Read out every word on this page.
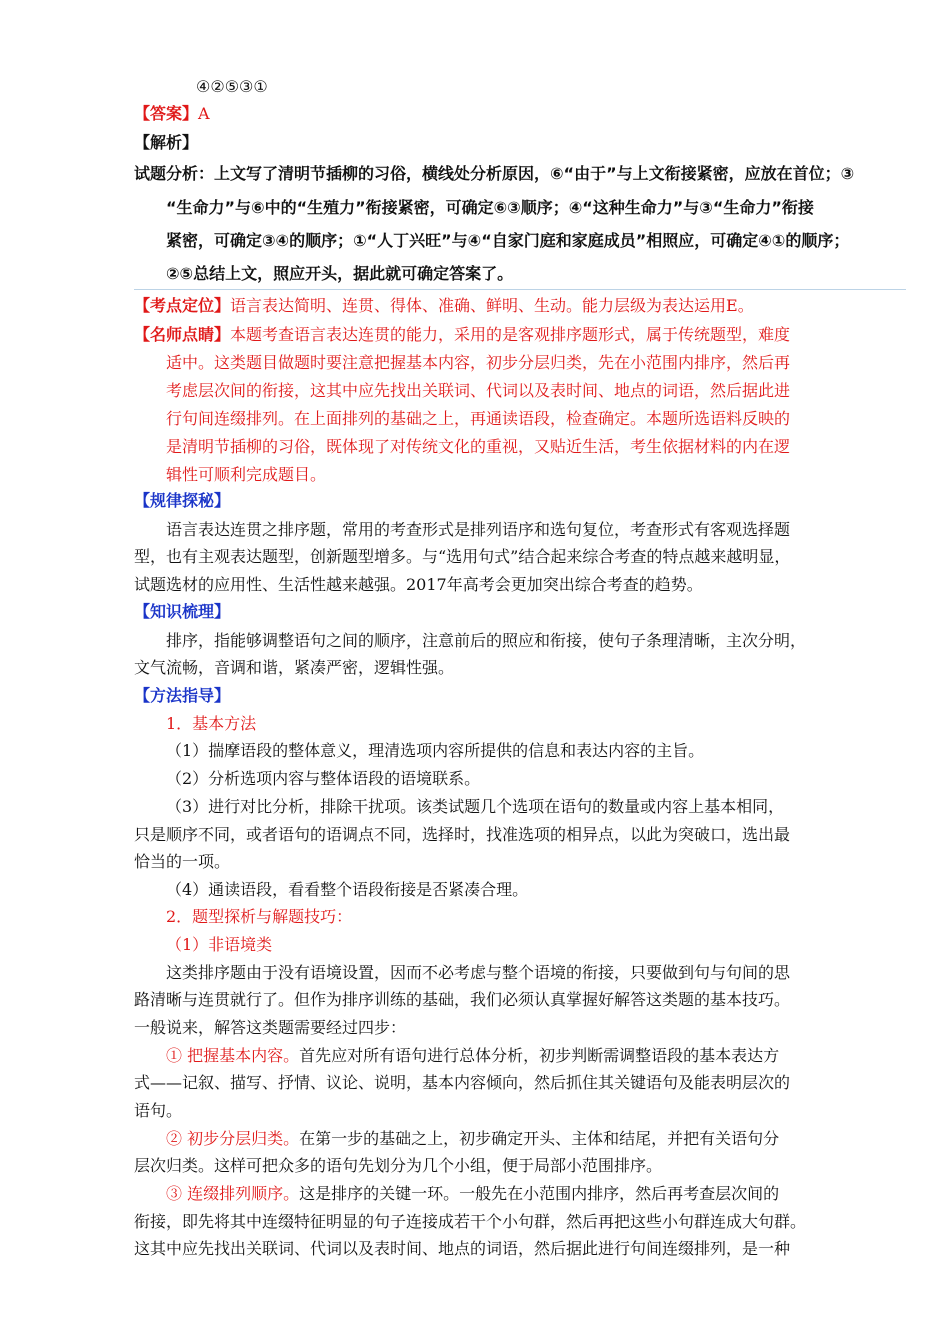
④②⑤③①
【答案】A
【解析】
试题分析：上文写了清明节插柳的习俗，横线处分析原因，⑥“由于”与上文衔接紧密，应放在首位；③
“生命力”与⑥中的“生殖力”衔接紧密，可确定⑥③顺序；④“这种生命力”与③“生命力”衔接
紧密，可确定③④的顺序；①“人丁兴旺”与④“自家门庭和家庭成员”相照应，可确定④①的顺序；
②⑤总结上文，照应开头，据此就可确定答案了。
【考点定位】语言表达简明、连贯、得体、准确、鲜明、生动。能力层级为表达运用E。
【名师点睛】本题考查语言表达连贯的能力，采用的是客观排序题形式，属于传统题型，难度
适中。这类题目做题时要注意把握基本内容，初步分层归类，先在小范围内排序，然后再
考虑层次间的衔接，这其中应先找出关联词、代词以及表时间、地点的词语，然后据此进
行句间连缀排列。在上面排列的基础之上，再通读语段，检查确定。本题所选语料反映的
是清明节插柳的习俗，既体现了对传统文化的重视，又贴近生活，考生依据材料的内在逻
辑性可顺利完成题目。
【规律探秘】
语言表达连贯之排序题，常用的考查形式是排列语序和选句复位，考查形式有客观选择题
型，也有主观表达题型，创新题型增多。与“选用句式”结合起来综合考查的特点越来越明显，
试题选材的应用性、生活性越来越强。2017年高考会更加突出综合考查的趋势。
【知识梳理】
排序，指能够调整语句之间的顺序，注意前后的照应和衔接，使句子条理清晰，主次分明，
文气流畅，音调和谐，紧凑严密，逻辑性强。
【方法指导】
1．基本方法
（1）揣摩语段的整体意义，理清选项内容所提供的信息和表达内容的主旨。
（2）分析选项内容与整体语段的语境联系。
（3）进行对比分析，排除干扰项。该类试题几个选项在语句的数量或内容上基本相同，
只是顺序不同，或者语句的语调点不同，选择时，找准选项的相异点，以此为突破口，选出最
恰当的一项。
（4）通读语段，看看整个语段衔接是否紧凑合理。
2．题型探析与解题技巧：
（1）非语境类
这类排序题由于没有语境设置，因而不必考虑与整个语境的衔接，只要做到句与句间的思
路清晰与连贯就行了。但作为排序训练的基础，我们必须认真掌握好解答这类题的基本技巧。
一般说来，解答这类题需要经过四步：
① 把握基本内容。首先应对所有语句进行总体分析，初步判断需调整语段的基本表达方
式——记叙、描写、抒情、议论、说明，基本内容倾向，然后抓住其关键语句及能表明层次的
语句。
② 初步分层归类。在第一步的基础之上，初步确定开头、主体和结尾，并把有关语句分
层次归类。这样可把众多的语句先划分为几个小组，便于局部小范围排序。
③ 连缀排列顺序。这是排序的关键一环。一般先在小范围内排序，然后再考查层次间的
衔接，即先将其中连缀特征明显的句子连接成若干个小句群，然后再把这些小句群连成大句群。
这其中应先找出关联词、代词以及表时间、地点的词语，然后据此进行句间连缀排列，是一种
